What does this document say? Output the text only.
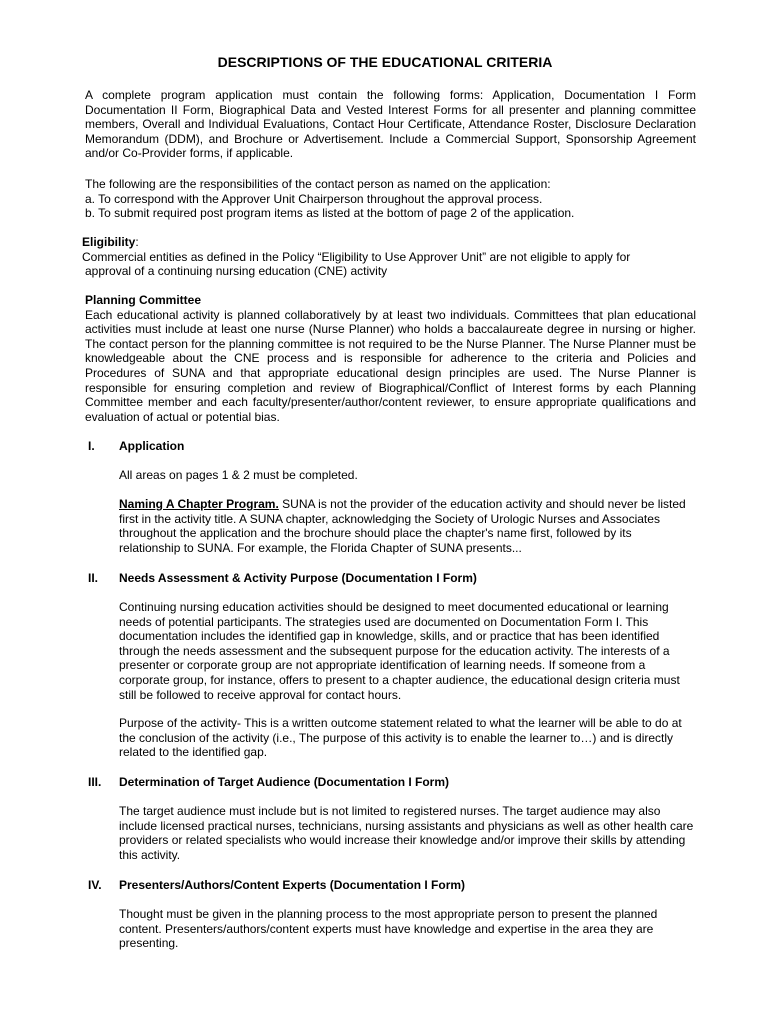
DESCRIPTIONS OF THE EDUCATIONAL CRITERIA
A complete program application must contain the following forms: Application, Documentation I Form Documentation II Form, Biographical Data and Vested Interest Forms for all presenter and planning committee members, Overall and Individual Evaluations, Contact Hour Certificate, Attendance Roster, Disclosure Declaration Memorandum (DDM), and Brochure or Advertisement. Include a Commercial Support, Sponsorship Agreement and/or Co-Provider forms, if applicable.
The following are the responsibilities of the contact person as named on the application:
a. To correspond with the Approver Unit Chairperson throughout the approval process.
b. To submit required post program items as listed at the bottom of page 2 of the application.
Eligibility:
Commercial entities as defined in the Policy “Eligibility to Use Approver Unit” are not eligible to apply for
approval of a continuing nursing education (CNE) activity
Planning Committee
Each educational activity is planned collaboratively by at least two individuals. Committees that plan educational activities must include at least one nurse (Nurse Planner) who holds a baccalaureate degree in nursing or higher. The contact person for the planning committee is not required to be the Nurse Planner. The Nurse Planner must be knowledgeable about the CNE process and is responsible for adherence to the criteria and Policies and Procedures of SUNA and that appropriate educational design principles are used. The Nurse Planner is responsible for ensuring completion and review of Biographical/Conflict of Interest forms by each Planning Committee member and each faculty/presenter/author/content reviewer, to ensure appropriate qualifications and evaluation of actual or potential bias.
I. Application
All areas on pages 1 & 2 must be completed.
Naming A Chapter Program. SUNA is not the provider of the education activity and should never be listed first in the activity title. A SUNA chapter, acknowledging the Society of Urologic Nurses and Associates throughout the application and the brochure should place the chapter's name first, followed by its relationship to SUNA. For example, the Florida Chapter of SUNA presents...
II. Needs Assessment & Activity Purpose (Documentation I Form)
Continuing nursing education activities should be designed to meet documented educational or learning needs of potential participants. The strategies used are documented on Documentation Form I. This documentation includes the identified gap in knowledge, skills, and or practice that has been identified through the needs assessment and the subsequent purpose for the education activity. The interests of a presenter or corporate group are not appropriate identification of learning needs. If someone from a corporate group, for instance, offers to present to a chapter audience, the educational design criteria must still be followed to receive approval for contact hours.
Purpose of the activity- This is a written outcome statement related to what the learner will be able to do at the conclusion of the activity (i.e., The purpose of this activity is to enable the learner to…) and is directly related to the identified gap.
III. Determination of Target Audience (Documentation I Form)
The target audience must include but is not limited to registered nurses. The target audience may also include licensed practical nurses, technicians, nursing assistants and physicians as well as other health care providers or related specialists who would increase their knowledge and/or improve their skills by attending this activity.
IV. Presenters/Authors/Content Experts (Documentation I Form)
Thought must be given in the planning process to the most appropriate person to present the planned content. Presenters/authors/content experts must have knowledge and expertise in the area they are presenting.
